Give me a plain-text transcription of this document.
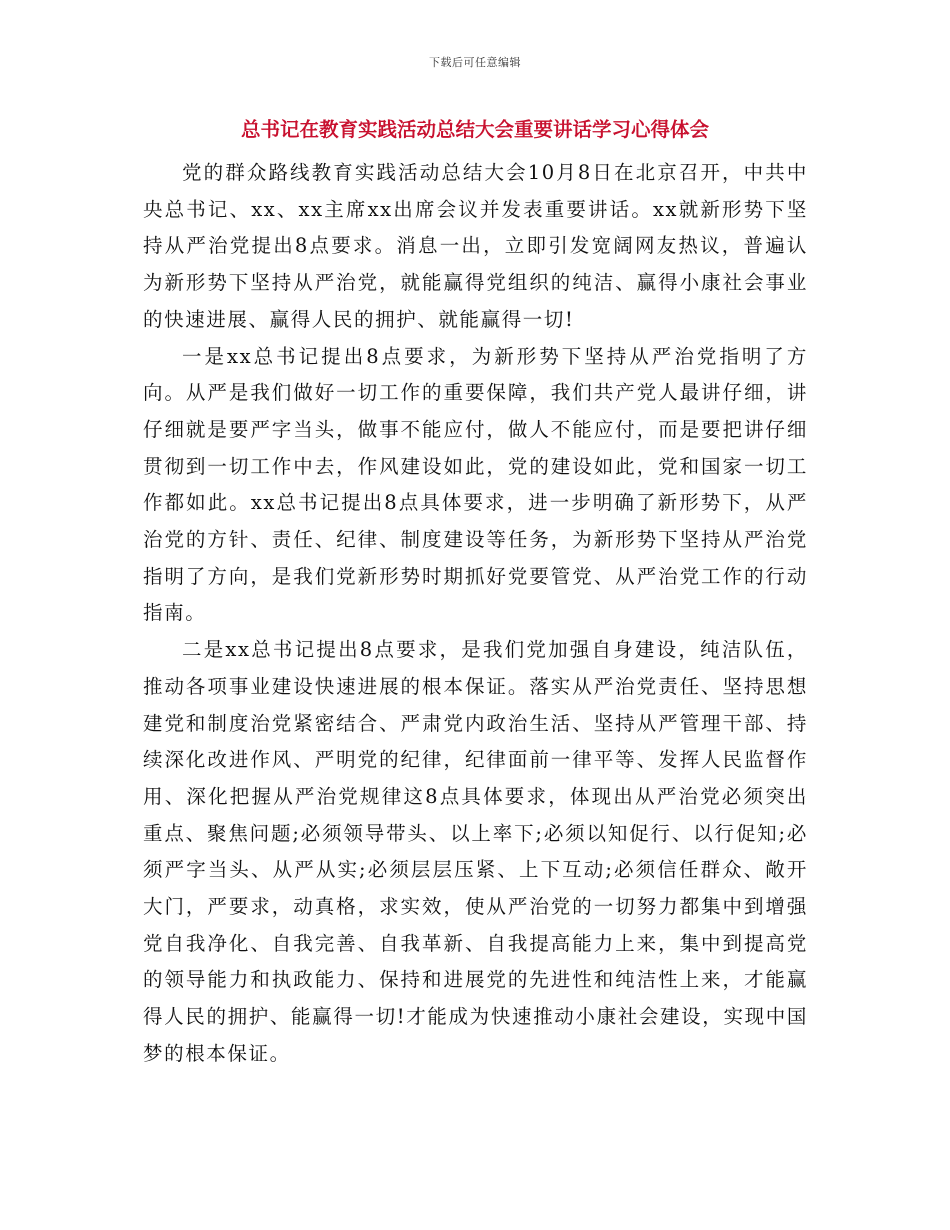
下载后可任意编辑
总书记在教育实践活动总结大会重要讲话学习心得体会

党的群众路线教育实践活动总结大会10月8日在北京召开，中共中央总书记、xx、xx主席xx出席会议并发表重要讲话。xx就新形势下坚持从严治党提出8点要求。消息一出，立即引发宽阔网友热议，普遍认为新形势下坚持从严治党，就能赢得党组织的纯洁、赢得小康社会事业的快速进展、赢得人民的拥护、就能赢得一切!

一是xx总书记提出8点要求，为新形势下坚持从严治党指明了方向。从严是我们做好一切工作的重要保障，我们共产党人最讲仔细，讲仔细就是要严字当头，做事不能应付，做人不能应付，而是要把讲仔细贯彻到一切工作中去，作风建设如此，党的建设如此，党和国家一切工作都如此。xx总书记提出8点具体要求，进一步明确了新形势下，从严治党的方针、责任、纪律、制度建设等任务，为新形势下坚持从严治党指明了方向，是我们党新形势时期抓好党要管党、从严治党工作的行动指南。

二是xx总书记提出8点要求，是我们党加强自身建设，纯洁队伍，推动各项事业建设快速进展的根本保证。落实从严治党责任、坚持思想建党和制度治党紧密结合、严肃党内政治生活、坚持从严管理干部、持续深化改进作风、严明党的纪律，纪律面前一律平等、发挥人民监督作用、深化把握从严治党规律这8点具体要求，体现出从严治党必须突出重点、聚焦问题;必须领导带头、以上率下;必须以知促行、以行促知;必须严字当头、从严从实;必须层层压紧、上下互动;必须信任群众、敞开大门，严要求，动真格，求实效，使从严治党的一切努力都集中到增强党自我净化、自我完善、自我革新、自我提高能力上来，集中到提高党的领导能力和执政能力、保持和进展党的先进性和纯洁性上来，才能赢得人民的拥护、能赢得一切!才能成为快速推动小康社会建设，实现中国梦的根本保证。
